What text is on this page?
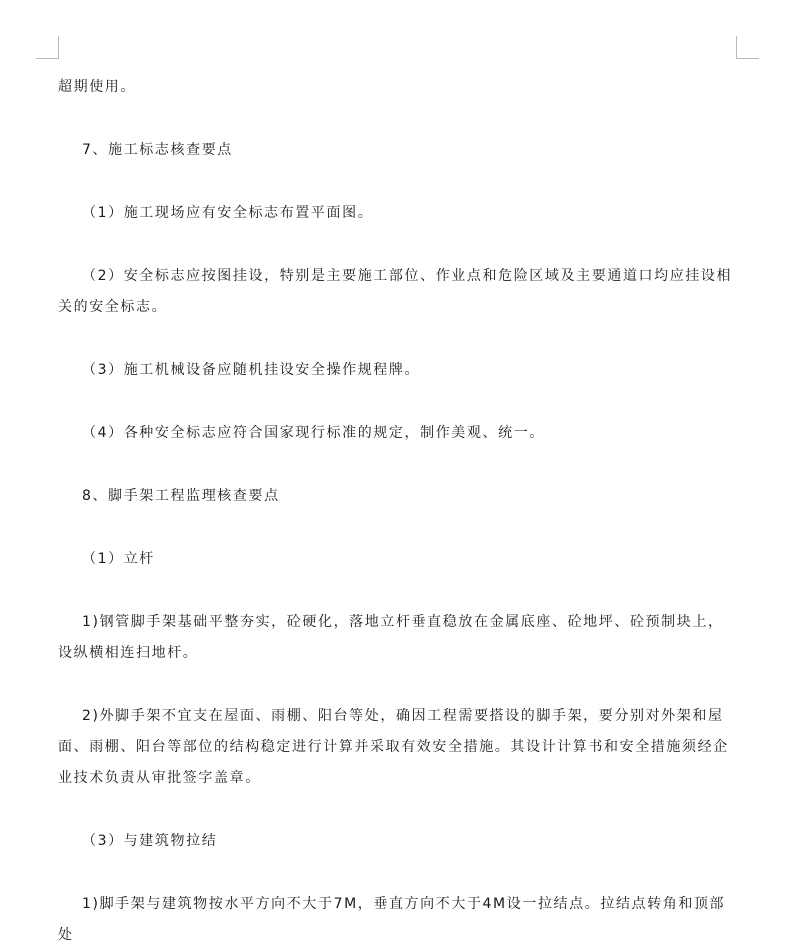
超期使用。

7、施工标志核查要点

（1）施工现场应有安全标志布置平面图。

（2）安全标志应按图挂设，特别是主要施工部位、作业点和危险区域及主要通道口均应挂设相关的安全标志。

（3）施工机械设备应随机挂设安全操作规程牌。

（4）各种安全标志应符合国家现行标准的规定，制作美观、统一。

8、脚手架工程监理核查要点

（1）立杆

1)钢管脚手架基础平整夯实，砼硬化，落地立杆垂直稳放在金属底座、砼地坪、砼预制块上，设纵横相连扫地杆。

2)外脚手架不宜支在屋面、雨棚、阳台等处，确因工程需要搭设的脚手架，要分别对外架和屋面、雨棚、阳台等部位的结构稳定进行计算并采取有效安全措施。其设计计算书和安全措施须经企业技术负责从审批签字盖章。

（3）与建筑物拉结

1)脚手架与建筑物按水平方向不大于7M，垂直方向不大于4M设一拉结点。拉结点转角和顶部处
